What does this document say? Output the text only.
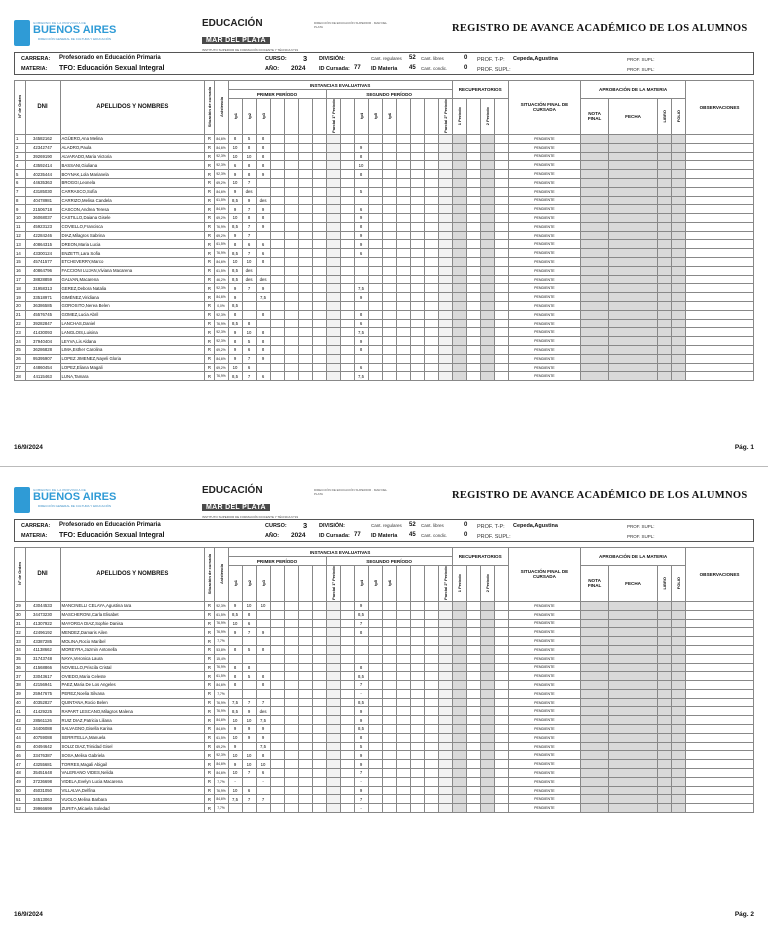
GOBIERNO DE LA PROVINCIA DE
BUENOS AIRES
DIRECCIÓN GENERAL DE CULTURA Y EDUCACIÓN
EDUCACIÓN
MAR DEL PLATA
INSTITUTO SUPERIOR DE FORMACIÓN DOCENTE Y TÉCNICA N°19
DIRECCIÓN DE EDUCACIÓN SUPERIOR · MAR DEL PLATA	REGISTRO DE AVANCE ACADÉMICO DE LOS ALUMNOS
CARRERA: Profesorado en Educación Primaria
MATERIA: TFO: Educación Sexual Integral
CURSO: 3
AÑO: 2024
DIVISIÓN:
ID Cursada: 77 ID Materia 45
Cant. regulares 52 Cant. libres	0
Cant. condic.	0
PROF. T-P: Cepeda,Agustina
PROF. SUPL:
PROF. SUPL:
PROF. SUPL:
Nº de Orden	DNI	APELLIDOS Y NOMBRES	Situación de cursada	Asistencia	INSTANCIAS EVALUATIVAS																RECUPERATORIOS				SITUACIÓN FINAL DE CURSADA	APROBACIÓN DE LA MATERIA				OBSERVACIONES
					PRIMER PERÍODO							SEGUNDO PERÍODO																		
					tp1	tp2	tp3					Parcial 1º Período		tp4	tp5	tp6				Parcial 2º Período	1 Período		2 Período			NOTA FINAL	FECHA	LIBRO	FOLIO	
1	34582162	AGÜERO,Ana Melina	R	84,6%	8	5	8																		PENDIENTE					
2	42342747	ALADRO,Paula	R	84,6%	10	8	8							9											PENDIENTE					
3	39269190	ALVARADO,Maria Victoria	R	92,3%	10	10	8							8											PENDIENTE					
4	43592414	BASSANI,Giuliana	R	92,3%	6	8	8							10											PENDIENTE					
5	40235444	BOYNAK,Lola Marianela	R	92,3%	9	8	9							8											PENDIENTE					
6	44635363	BROGGI,Leonela	R	69,2%	10	7																			PENDIENTE					
7	43185030	CARRASCO,Sofia	R	84,6%	9	des								5											PENDIENTE					
8	40478981	CARRIZO,Melisa Candela	R	61,5%	8,5	9	des																		PENDIENTE					
9	21506718	CASCON,Andrea Teresa	R	84,6%	9	7	9							6											PENDIENTE					
10	36068037	CASTILLO,Daiana Gisele	R	69,2%	10	8	8							9											PENDIENTE					
11	45923123	COVIELLO,Francisca	R	76,9%	8,5	7	9							8											PENDIENTE					
12	42284246	DIAZ,Milagros Sabrina	R	69,2%	9	7								9											PENDIENTE					
13	40864315	DREON,Maria Lucia	R	61,5%	8	6	6							9											PENDIENTE					
14	43300124	ENZETTI,Lara Sofia	R	76,9%	8,5	7	6							6											PENDIENTE					
15	45741577	ETCHEVERRY,Marco	R	84,6%	10	10	8																		PENDIENTE					
16	40864796	FACCIONI LUJAN,Viviana Macarena	R	61,5%	8,5	des																			PENDIENTE					
17	38828859	GALVAN,Macarena	R	46,2%	8,5	des	des																		PENDIENTE					
18	31958313	GEREZ,Debora Natalia	R	92,3%	9	7	9							7,5											PENDIENTE					
19	33518971	GIMÉNEZ,Viridiana	R	84,6%	9		7,5							9											PENDIENTE					
20	36386585	GOROSITO,Nerea Belen	R	0,0%	8,5																				PENDIENTE					
21	45576745	GOMEZ,Lucia Abril	R	92,3%	8		8							8											PENDIENTE					
22	39282847	LANCHAS,Daniel	R	76,9%	8,5	8								6											PENDIENTE					
23	41430093	LANGLOIS,Luisina	R	92,3%	9	10	8							7,5											PENDIENTE					
24	37940404	LEYVA,Lis Aldana	R	92,3%	8	5	8							9											PENDIENTE					
25	36286828	LIMA,Esther Carolina	R	69,2%	9	6	8							8											PENDIENTE					
26	95395907	LOPEZ JIMENEZ,Nayeli Gloria	R	84,6%	9	7	9																		PENDIENTE					
27	44860454	LOPEZ,Eliana Magali	R	69,2%	10	6								6											PENDIENTE					
28	44115463	LUNA,Tamara	R	76,9%	8,5	7	6							7,5											PENDIENTE					
16/9/2024	Pág. 1
GOBIERNO DE LA PROVINCIA DE
BUENOS AIRES
DIRECCIÓN GENERAL DE CULTURA Y EDUCACIÓN
EDUCACIÓN
MAR DEL PLATA
INSTITUTO SUPERIOR DE FORMACIÓN DOCENTE Y TÉCNICA N°19
DIRECCIÓN DE EDUCACIÓN SUPERIOR · MAR DEL PLATA	REGISTRO DE AVANCE ACADÉMICO DE LOS ALUMNOS
CARRERA: Profesorado en Educación Primaria
MATERIA: TFO: Educación Sexual Integral
CURSO: 3
AÑO: 2024
DIVISIÓN:
ID Cursada: 77 ID Materia 45
Cant. regulares 52 Cant. libres	0
Cant. condic.	0
PROF. T-P: Cepeda,Agustina
PROF. SUPL:
PROF. SUPL:
PROF. SUPL:
Nº de Orden	DNI	APELLIDOS Y NOMBRES	Situación de cursada	Asistencia	INSTANCIAS EVALUATIVAS																RECUPERATORIOS				SITUACIÓN FINAL DE CURSADA	APROBACIÓN DE LA MATERIA				OBSERVACIONES
					PRIMER PERÍODO							SEGUNDO PERÍODO																		
					tp1	tp2	tp3					Parcial 1º Período		tp4	tp5	tp6				Parcial 2º Período	1 Período		2 Período			NOTA FINAL	FECHA	LIBRO	FOLIO	
29	43044533	MANCINELLI CELAYA,Agustina Iara	R	92,3%	9	10	10							9											PENDIENTE					
30	34473230	MASCHERONI,Carla Elisabet	R	61,5%	8,5	8								8,5											PENDIENTE					
31	41307922	MAYORGA DIAZ,Sophie Danisa	R	76,9%	10	6								7											PENDIENTE					
32	42496192	MENDEZ,Damaris Ailen	R	76,9%	9	7	9							8											PENDIENTE					
33	43387285	MOLINA,Rocio Maribel	R	7,7%																					PENDIENTE					
34	41138662	MOREYRA,Jazmin Antonella	R	53,8%	8	5	8																		PENDIENTE					
35	31743748	NAYA,Veronica Laura	R	15,4%																					PENDIENTE					
36	41568866	NOVIELLO,Priscila Cristal	R	76,9%	8	8								8											PENDIENTE					
37	33043617	OVIEDO,Maria Celeste	R	61,5%	8	5	8							8,5											PENDIENTE					
38	42156941	PAEZ,Maria De Los Angeles	R	84,6%	8		8							7											PENDIENTE					
39	25947675	PEREZ,Noelia Silvana	R	7,7%										-											PENDIENTE					
40	40352827	QUINTANA,Rocio Belen	R	76,9%	7,5	7	7							8,5											PENDIENTE					
41	41429225	RAPART LESCANO,Milagros Malena	R	76,9%	8,5	9	des							9											PENDIENTE					
42	28561126	RUIZ DIAZ,Patricia Liliana	R	84,6%	10	10	7,5							9											PENDIENTE					
43	34406088	SALVAGNO,Gisella Karina	R	84,6%	9	9	9							8,5											PENDIENTE					
44	40759088	SERRITELLA,Manuela	R	61,5%	10	9	9							8											PENDIENTE					
45	40494642	SOLIZ DIAZ,Trinidad Gisel	R	69,2%	9		7,5							5											PENDIENTE					
46	33476387	SOSA,Melisa Gabriela	R	92,3%	10	10	8							9											PENDIENTE					
47	43255681	TORRES,Magali Abigail	R	84,6%	9	10	10							9											PENDIENTE					
48	35451648	VALERIANO VIDES,Nelida	R	84,6%	10	7	6							7											PENDIENTE					
49	37236698	VIDELA,Evelyn Lucia Macarena	R	7,7%	-		-							-											PENDIENTE					
50	45031050	VILLALVA,Delfina	R	76,9%	10	6								9											PENDIENTE					
51	34513063	VUOLO,Melina Barbara	R	84,6%	7,5	7	7							7											PENDIENTE					
52	39966699	ZURITA,Micaela Soledad	R	7,7%										-											PENDIENTE					
16/9/2024	Pág. 2
